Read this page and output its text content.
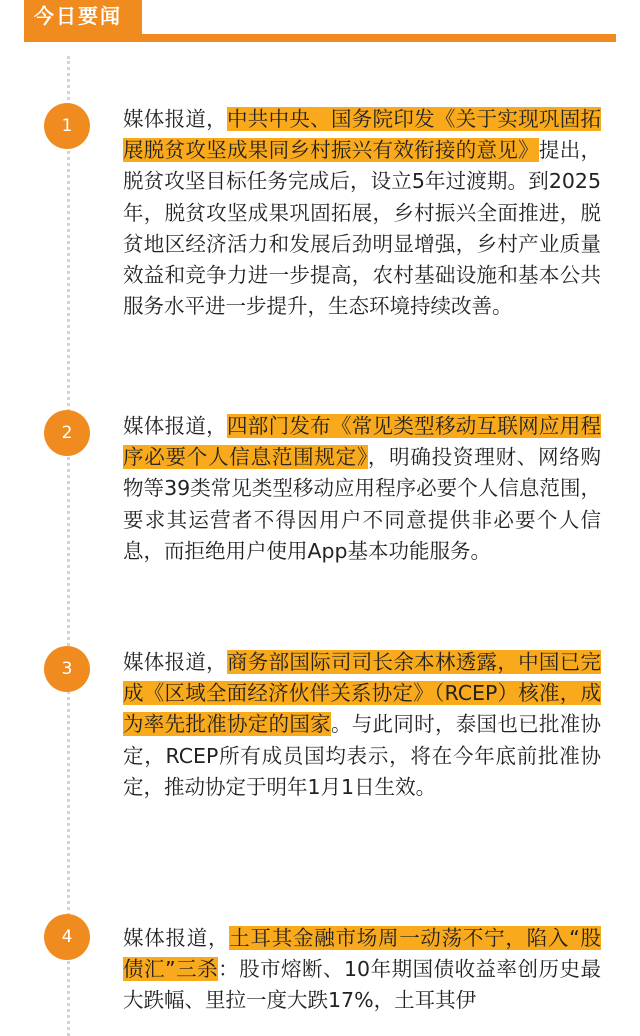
今日要闻
1	媒体报道，中共中央、国务院印发《关于实现巩固拓展脱贫攻坚成果同乡村振兴有效衔接的意见》提出，脱贫攻坚目标任务完成后，设立5年过渡期。到2025年，脱贫攻坚成果巩固拓展，乡村振兴全面推进，脱贫地区经济活力和发展后劲明显增强，乡村产业质量效益和竞争力进一步提高，农村基础设施和基本公共服务水平进一步提升，生态环境持续改善。
2	媒体报道，四部门发布《常见类型移动互联网应用程序必要个人信息范围规定》，明确投资理财、网络购物等39类常见类型移动应用程序必要个人信息范围，要求其运营者不得因用户不同意提供非必要个人信息，而拒绝用户使用App基本功能服务。
3	媒体报道，商务部国际司司长余本林透露，中国已完成《区域全面经济伙伴关系协定》（RCEP）核准，成为率先批准协定的国家。与此同时，泰国也已批准协定，RCEP所有成员国均表示，将在今年底前批准协定，推动协定于明年1月1日生效。
4	媒体报道，土耳其金融市场周一动荡不宁，陷入“股债汇”三杀：股市熔断、10年期国债收益率创历史最大跌幅、里拉一度大跌17%，土耳其伊
